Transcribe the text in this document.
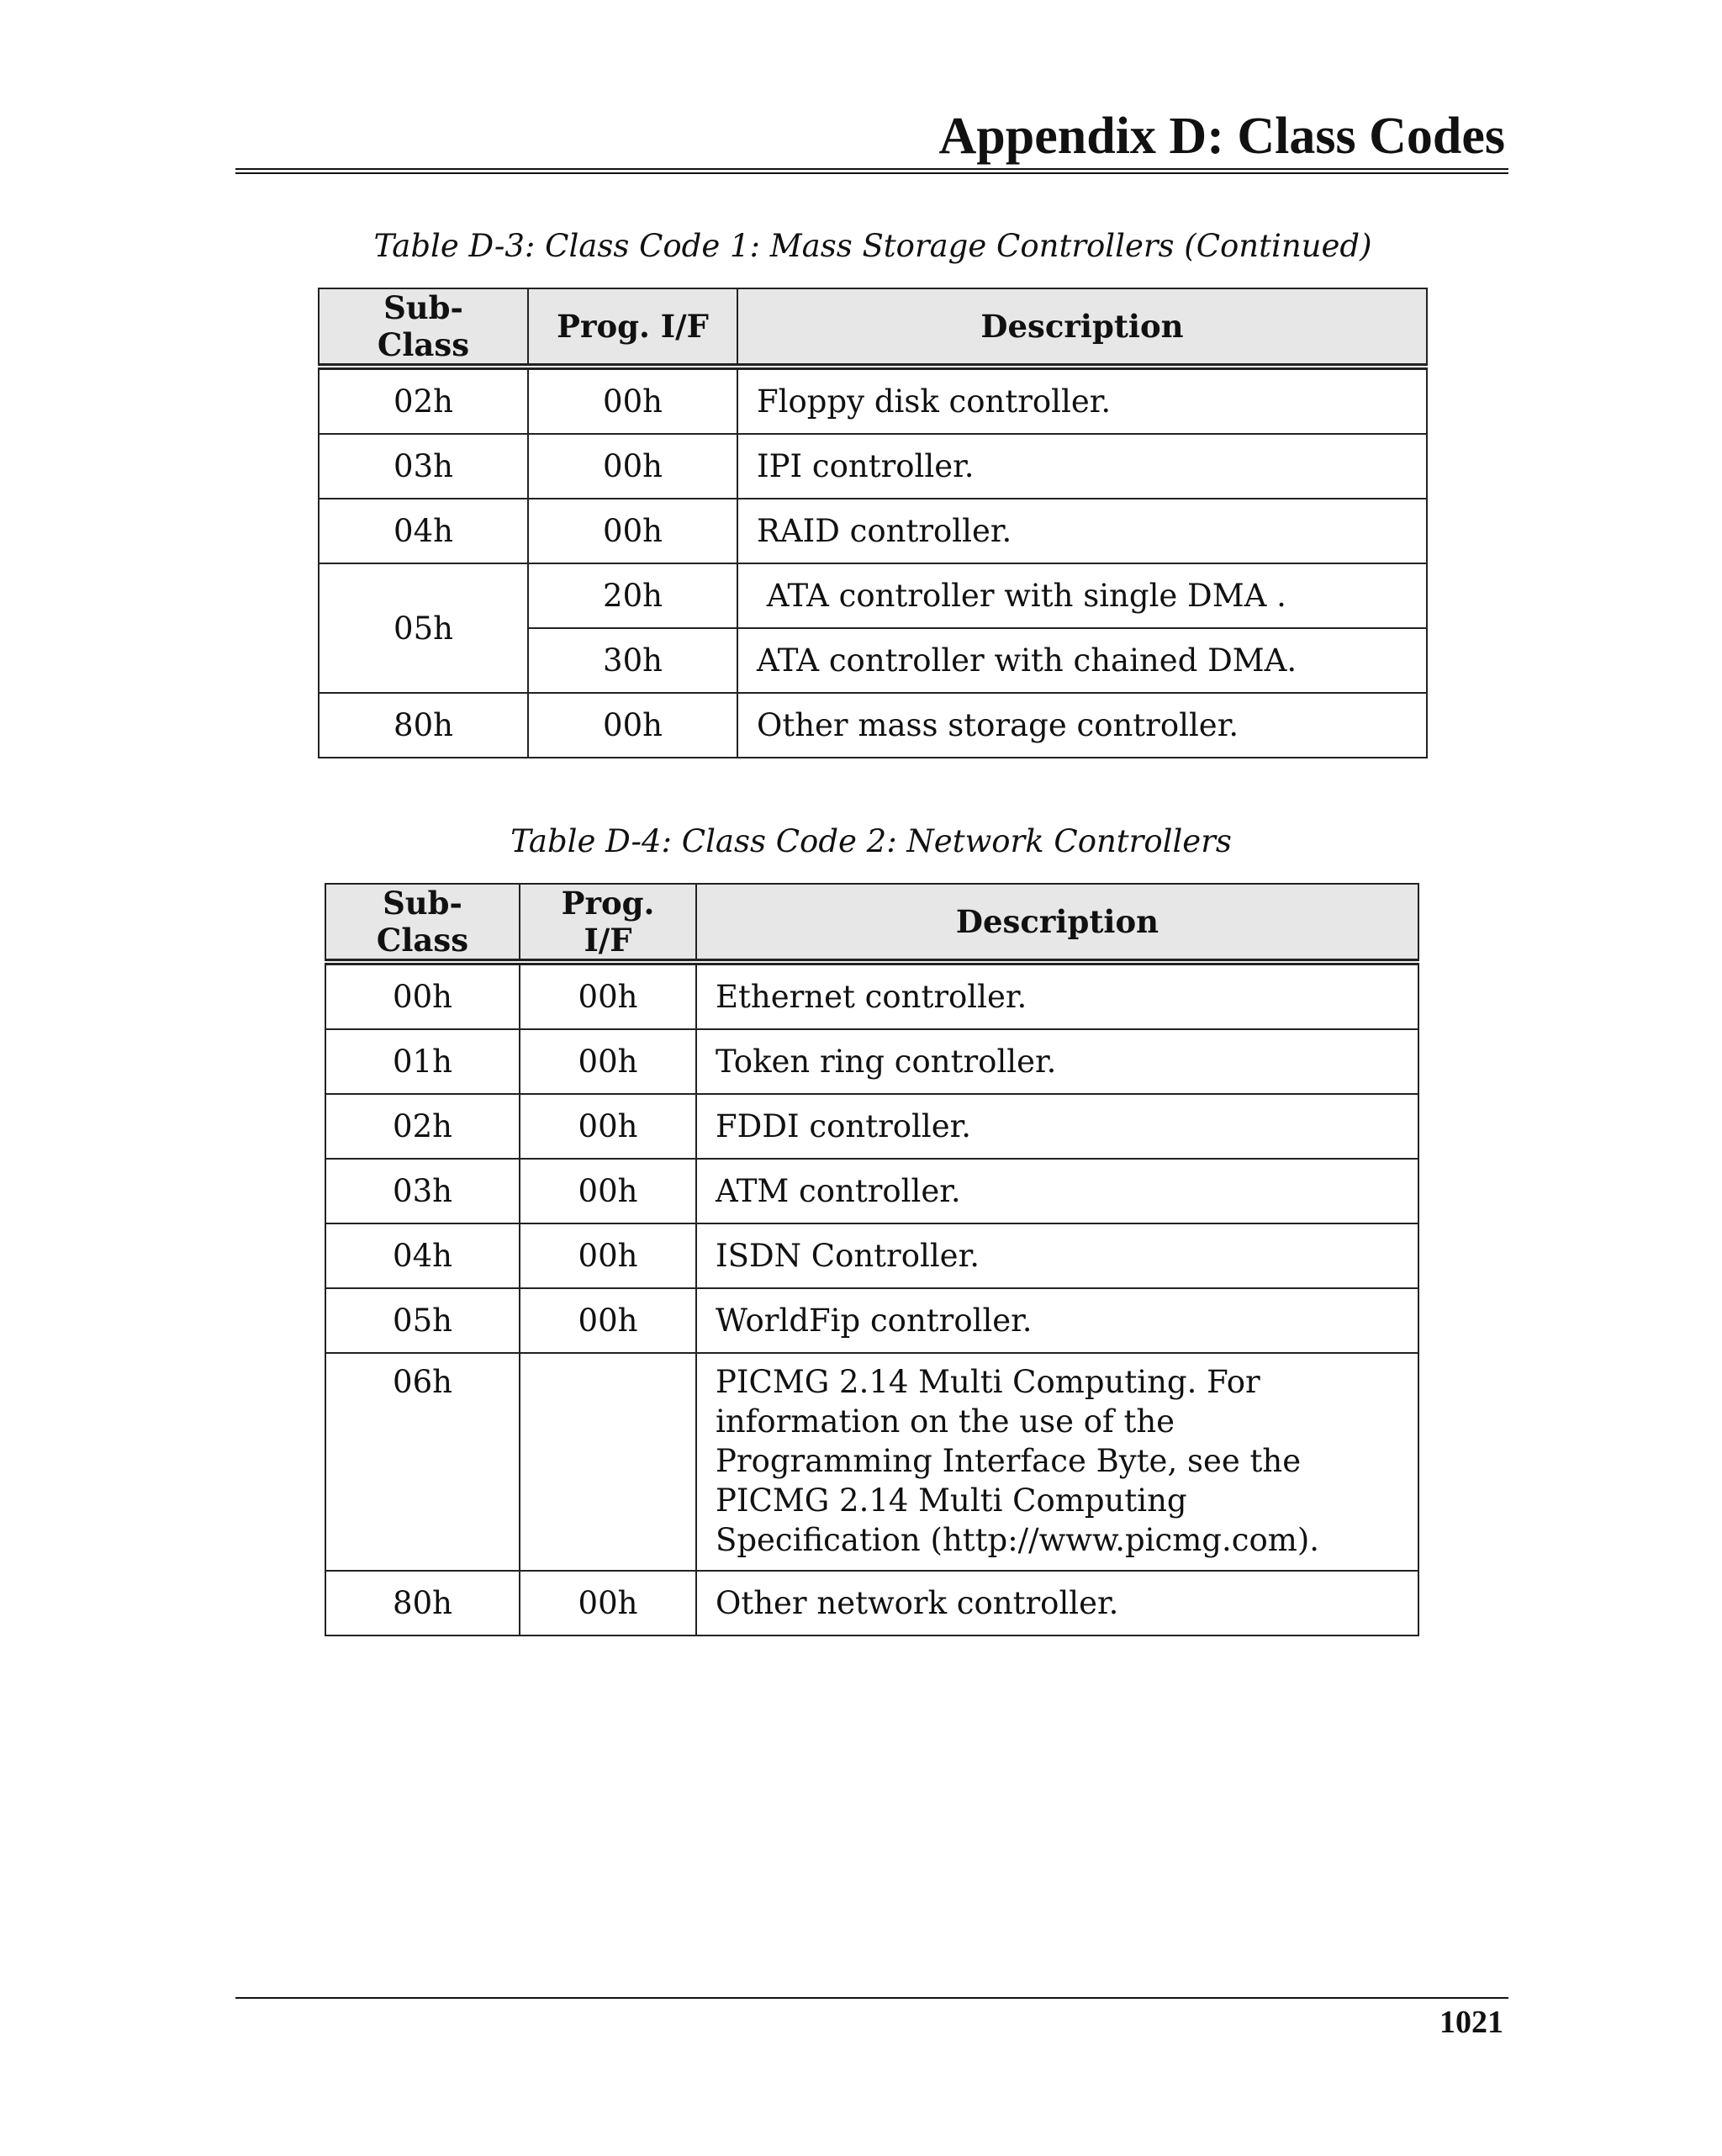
Appendix D: Class Codes
Table D-3: Class Code 1: Mass Storage Controllers (Continued)
Sub-Class	Prog. I/F	Description
02h	00h	Floppy disk controller.
03h	00h	IPI controller.
04h	00h	RAID controller.
05h	20h	ATA controller with single DMA .
	30h	ATA controller with chained DMA.
80h	00h	Other mass storage controller.
Table D-4: Class Code 2: Network Controllers
Sub-Class	Prog. I/F	Description
00h	00h	Ethernet controller.
01h	00h	Token ring controller.
02h	00h	FDDI controller.
03h	00h	ATM controller.
04h	00h	ISDN Controller.
05h	00h	WorldFip controller.
06h		PICMG 2.14 Multi Computing. For information on the use of the Programming Interface Byte, see the PICMG 2.14 Multi Computing Specification (http://www.picmg.com).
80h	00h	Other network controller.
1021
